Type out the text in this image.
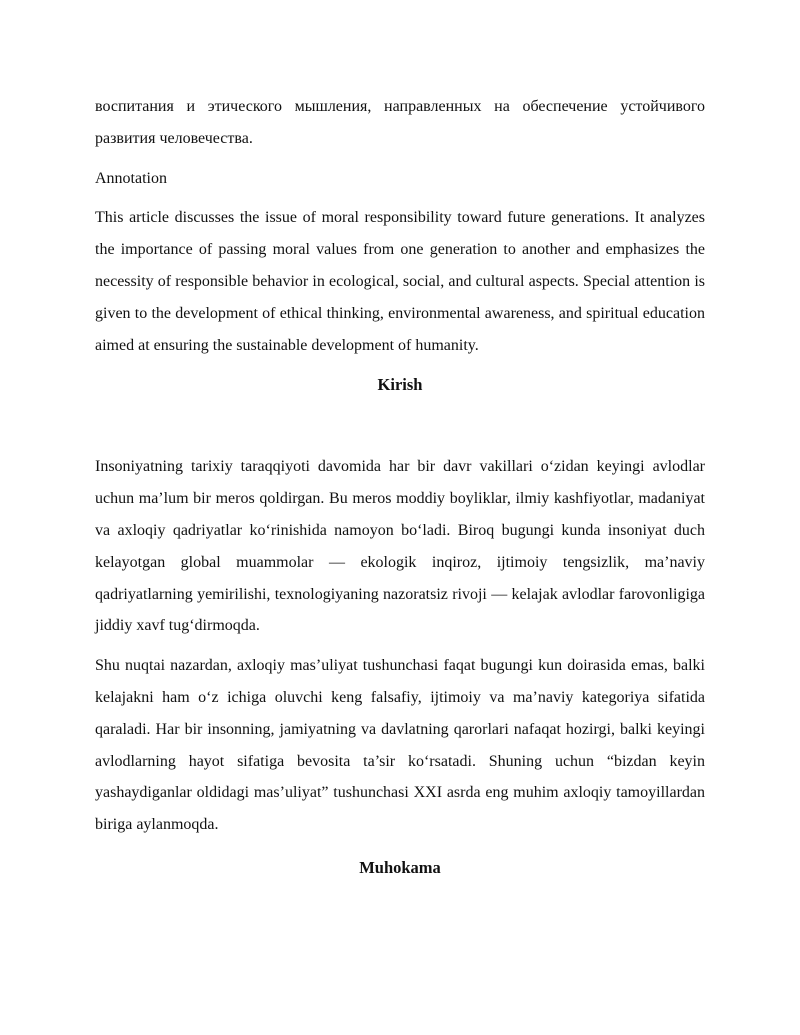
воспитания и этического мышления, направленных на обеспечение устойчивого развития человечества.

Annotation

This article discusses the issue of moral responsibility toward future generations. It analyzes the importance of passing moral values from one generation to another and emphasizes the necessity of responsible behavior in ecological, social, and cultural aspects. Special attention is given to the development of ethical thinking, environmental awareness, and spiritual education aimed at ensuring the sustainable development of humanity.

Kirish

Insoniyatning tarixiy taraqqiyoti davomida har bir davr vakillari o‘zidan keyingi avlodlar uchun ma’lum bir meros qoldirgan. Bu meros moddiy boyliklar, ilmiy kashfiyotlar, madaniyat va axloqiy qadriyatlar ko‘rinishida namoyon bo‘ladi. Biroq bugungi kunda insoniyat duch kelayotgan global muammolar — ekologik inqiroz, ijtimoiy tengsizlik, ma’naviy qadriyatlarning yemirilishi, texnologiyaning nazoratsiz rivoji — kelajak avlodlar farovonligiga jiddiy xavf tug‘dirmoqda.

Shu nuqtai nazardan, axloqiy mas’uliyat tushunchasi faqat bugungi kun doirasida emas, balki kelajakni ham o‘z ichiga oluvchi keng falsafiy, ijtimoiy va ma’naviy kategoriya sifatida qaraladi. Har bir insonning, jamiyatning va davlatning qarorlari nafaqat hozirgi, balki keyingi avlodlarning hayot sifatiga bevosita ta’sir ko‘rsatadi. Shuning uchun “bizdan keyin yashaydiganlar oldidagi mas’uliyat” tushunchasi XXI asrda eng muhim axloqiy tamoyillardan biriga aylanmoqda.

Muhokama
